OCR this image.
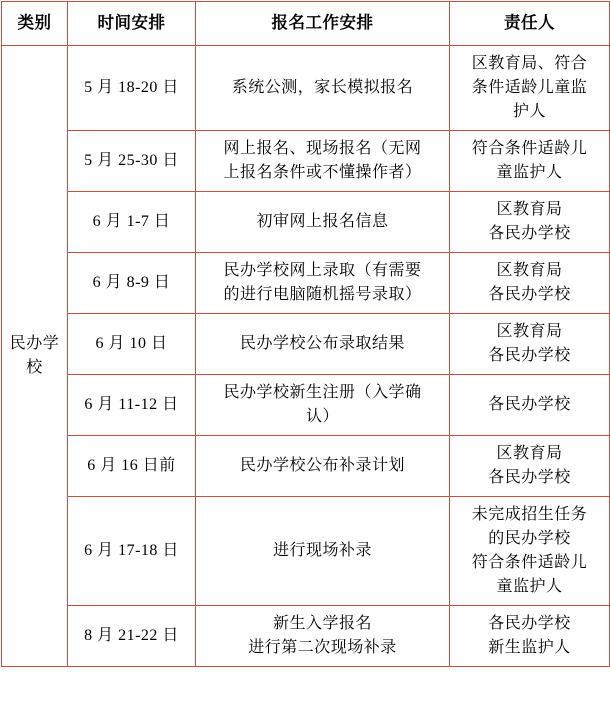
类别	时间安排	报名工作安排	责任人
民办学校	5 月 18-20 日	系统公测，家长模拟报名	区教育局、符合
条件适龄儿童监
护人

	5 月 25-30 日	网上报名、现场报名（无网
上报名条件或不懂操作者）	符合条件适龄儿
童监护人

	6 月 1-7 日	初审网上报名信息	区教育局
各民办学校

	6 月 8-9 日	民办学校网上录取（有需要
的进行电脑随机摇号录取）	区教育局
各民办学校

	6 月 10 日	民办学校公布录取结果	区教育局
各民办学校

	6 月 11-12 日	民办学校新生注册（入学确
认）	各民办学校

	6 月 16 日前	民办学校公布补录计划	区教育局
各民办学校

	6 月 17-18 日	进行现场补录	未完成招生任务
的民办学校
符合条件适龄儿
童监护人

	8 月 21-22 日	新生入学报名
进行第二次现场补录	各民办学校
新生监护人
